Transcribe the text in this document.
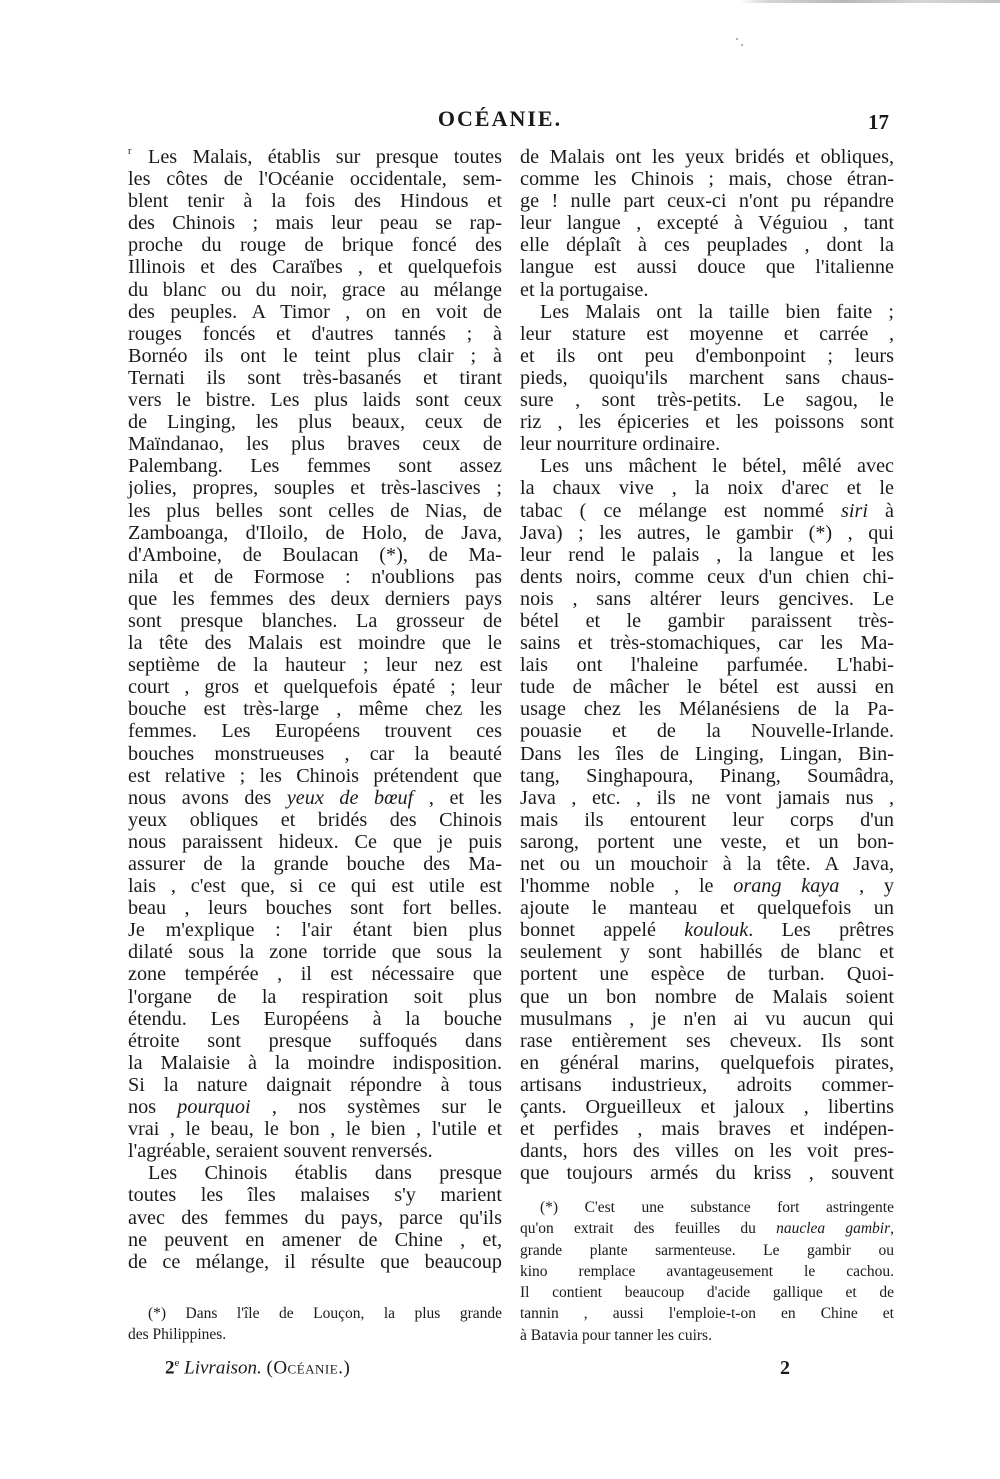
OCÉANIE.	17
r Les Malais, établis sur presque toutes
les côtes de l'Océanie occidentale, sem-
blent tenir à la fois des Hindous et
des Chinois ; mais leur peau se rap-
proche du rouge de brique foncé des
Illinois et des Caraïbes , et quelquefois
du blanc ou du noir, grace au mélange
des peuples. A Timor , on en voit de
rouges foncés et d'autres tannés ; à
Bornéo ils ont le teint plus clair ; à
Ternati ils sont très-basanés et tirant
vers le bistre. Les plus laids sont ceux
de Linging, les plus beaux, ceux de
Maïndanao, les plus braves ceux de
Palembang. Les femmes sont assez
jolies, propres, souples et très-lascives ;
les plus belles sont celles de Nias, de
Zamboanga, d'Iloilo, de Holo, de Java,
d'Amboine, de Boulacan (*), de Ma-
nila et de Formose : n'oublions pas
que les femmes des deux derniers pays
sont presque blanches. La grosseur de
la tête des Malais est moindre que le
septième de la hauteur ; leur nez est
court , gros et quelquefois épaté ; leur
bouche est très-large , même chez les
femmes. Les Européens trouvent ces
bouches monstrueuses , car la beauté
est relative ; les Chinois prétendent que
nous avons des yeux de bœuf , et les
yeux obliques et bridés des Chinois
nous paraissent hideux. Ce que je puis
assurer de la grande bouche des Ma-
lais , c'est que, si ce qui est utile est
beau , leurs bouches sont fort belles.
Je m'explique : l'air étant bien plus
dilaté sous la zone torride que sous la
zone tempérée , il est nécessaire que
l'organe de la respiration soit plus
étendu. Les Européens à la bouche
étroite sont presque suffoqués dans
la Malaisie à la moindre indisposition.
Si la nature daignait répondre à tous
nos pourquoi , nos systèmes sur le
vrai , le beau, le bon , le bien , l'utile et
l'agréable, seraient souvent renversés.
Les Chinois établis dans presque
toutes les îles malaises s'y marient
avec des femmes du pays, parce qu'ils
ne peuvent en amener de Chine , et,
de ce mélange, il résulte que beaucoup
de Malais ont les yeux bridés et obliques,
comme les Chinois ; mais, chose étran-
ge ! nulle part ceux-ci n'ont pu répandre
leur langue , excepté à Véguiou , tant
elle déplaît à ces peuplades , dont la
langue est aussi douce que l'italienne
et la portugaise.
Les Malais ont la taille bien faite ;
leur stature est moyenne et carrée ,
et ils ont peu d'embonpoint ; leurs
pieds, quoiqu'ils marchent sans chaus-
sure , sont très-petits. Le sagou, le
riz , les épiceries et les poissons sont
leur nourriture ordinaire.
Les uns mâchent le bétel, mêlé avec
la chaux vive , la noix d'arec et le
tabac ( ce mélange est nommé siri à
Java) ; les autres, le gambir (*) , qui
leur rend le palais , la langue et les
dents noirs, comme ceux d'un chien chi-
nois , sans altérer leurs gencives. Le
bétel et le gambir paraissent très-
sains et très-stomachiques, car les Ma-
lais ont l'haleine parfumée. L'habi-
tude de mâcher le bétel est aussi en
usage chez les Mélanésiens de la Pa-
pouasie et de la Nouvelle-Irlande.
Dans les îles de Linging, Lingan, Bin-
tang, Singhapoura, Pinang, Soumâdra,
Java , etc. , ils ne vont jamais nus ,
mais ils entourent leur corps d'un
sarong, portent une veste, et un bon-
net ou un mouchoir à la tête. A Java,
l'homme noble , le orang kaya , y
ajoute le manteau et quelquefois un
bonnet appelé koulouk. Les prêtres
seulement y sont habillés de blanc et
portent une espèce de turban. Quoi-
que un bon nombre de Malais soient
musulmans , je n'en ai vu aucun qui
rase entièrement ses cheveux. Ils sont
en général marins, quelquefois pirates,
artisans industrieux, adroits commer-
çants. Orgueilleux et jaloux , libertins
et perfides , mais braves et indépen-
dants, hors des villes on les voit pres-
que toujours armés du kriss , souvent
(*) Dans l'île de Louçon, la plus grande
des Philippines.
(*) C'est une substance fort astringente
qu'on extrait des feuilles du nauclea gambir,
grande plante sarmenteuse. Le gambir ou
kino remplace avantageusement le cachou.
Il contient beaucoup d'acide gallique et de
tannin , aussi l'emploie-t-on en Chine et
à Batavia pour tanner les cuirs.
2e Livraison. (Océanie.)	2
